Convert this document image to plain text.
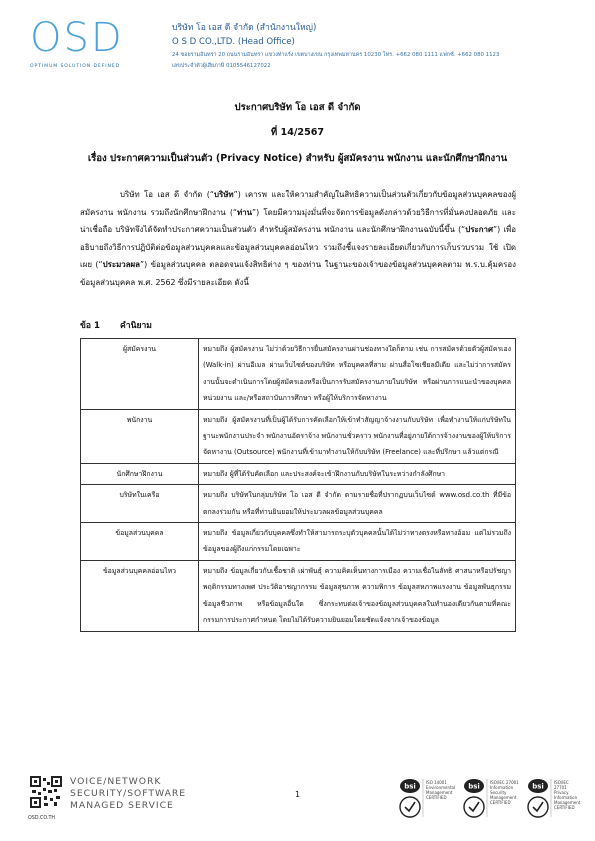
OSD
OPTIMUM SOLUTION DEFINED
บริษัท โอ เอส ดี จำกัด (สำนักงานใหญ่)
O S D CO.,LTD. (Head Office)
24 ซอยรามอินทรา 20 ถนนรามอินทรา แขวงท่าแร้ง เขตบางเขน กรุงเทพมหานคร 10230 โทร. +662 080 1111 แฟกซ์. +662 080 1123
เลขประจำตัวผู้เสียภาษี 0105546127022
ประกาศบริษัท โอ เอส ดี จำกัด
ที่ 14/2567
เรื่อง ประกาศความเป็นส่วนตัว (Privacy Notice) สำหรับ ผู้สมัครงาน พนักงาน และนักศึกษาฝึกงาน

บริษัท โอ เอส ดี จำกัด (“บริษัท”) เคารพ และให้ความสำคัญในสิทธิความเป็นส่วนตัวเกี่ยวกับข้อมูลส่วนบุคคลของผู้สมัครงาน พนักงาน รวมถึงนักศึกษาฝึกงาน (“ท่าน”) โดยมีความมุ่งมั่นที่จะจัดการข้อมูลดังกล่าวด้วยวิธีการที่มั่นคงปลอดภัย และน่าเชื่อถือ บริษัทจึงได้จัดทำประกาศความเป็นส่วนตัว สำหรับผู้สมัครงาน พนักงาน และนักศึกษาฝึกงานฉบับนี้ขึ้น (“ประกาศ”) เพื่ออธิบายถึงวิธีการปฏิบัติต่อข้อมูลส่วนบุคคลและข้อมูลส่วนบุคคลอ่อนไหว รวมถึงชี้แจงรายละเอียดเกี่ยวกับการเก็บรวบรวม ใช้ เปิดเผย (“ประมวลผล”) ข้อมูลส่วนบุคคล ตลอดจนแจ้งสิทธิต่าง ๆ ของท่าน ในฐานะของเจ้าของข้อมูลส่วนบุคคลตาม พ.ร.บ.คุ้มครองข้อมูลส่วนบุคคล พ.ศ. 2562 ซึ่งมีรายละเอียด ดังนี้

ข้อ 1 คำนิยาม
ผู้สมัครงาน	หมายถึง ผู้สมัครงาน ไม่ว่าด้วยวิธีการยื่นสมัครงานผ่านช่องทางใดก็ตาม เช่น การสมัครด้วยตัวผู้สมัครเอง (Walk-in) ผ่านอีเมล ผ่านเว็บไซต์ของบริษัท หรือบุคคลที่สาม ผ่านสื่อโซเชียลมีเดีย และไม่ว่าการสมัครงานนั้นจะดำเนินการโดยผู้สมัครเองหรือเป็นการรับสมัครงานภายในบริษัท หรือผ่านการแนะนำของบุคคล หน่วยงาน และ/หรือสถาบันการศึกษา หรือผู้ให้บริการจัดหางาน
พนักงาน	หมายถึง ผู้สมัครงานที่เป็นผู้ได้รับการคัดเลือกให้เข้าทำสัญญาจ้างงานกับบริษัท เพื่อทำงานให้แก่บริษัทในฐานะพนักงานประจำ พนักงานอัตราจ้าง พนักงานชั่วคราว พนักงานที่อยู่ภายใต้การจ้างงานของผู้ให้บริการจัดหางาน (Outsource) พนักงานที่เข้ามาทำงานให้กับบริษัท (Freelance) และที่ปรึกษา แล้วแต่กรณี
นักศึกษาฝึกงาน	หมายถึง ผู้ที่ได้รับคัดเลือก และประสงค์จะเข้าฝึกงานกับบริษัทในระหว่างกำลังศึกษา
บริษัทในเครือ	หมายถึง บริษัทในกลุ่มบริษัท โอ เอส ดี จำกัด ตามรายชื่อที่ปรากฏบนเว็บไซต์ www.osd.co.th ที่มีข้อตกลงร่วมกัน หรือที่ท่านยินยอมให้ประมวลผลข้อมูลส่วนบุคคล
ข้อมูลส่วนบุคคล	หมายถึง ข้อมูลเกี่ยวกับบุคคลซึ่งทำให้สามารถระบุตัวบุคคลนั้นได้ไม่ว่าทางตรงหรือทางอ้อม แต่ไม่รวมถึงข้อมูลของผู้ถึงแก่กรรมโดยเฉพาะ
ข้อมูลส่วนบุคคลอ่อนไหว	หมายถึง ข้อมูลเกี่ยวกับเชื้อชาติ เผ่าพันธุ์ ความคิดเห็นทางการเมือง ความเชื่อในลัทธิ ศาสนาหรือปรัชญา พฤติกรรมทางเพศ ประวัติอาชญากรรม ข้อมูลสุขภาพ ความพิการ ข้อมูลสหภาพแรงงาน ข้อมูลพันธุกรรม ข้อมูลชีวภาพ หรือข้อมูลอื่นใด ซึ่งกระทบต่อเจ้าของข้อมูลส่วนบุคคลในทำนองเดียวกันตามที่คณะกรรมการประกาศกำหนด โดยไม่ได้รับความยินยอมโดยชัดแจ้งจากเจ้าของข้อมูล
OSD.CO.TH
VOICE/NETWORK
SECURITY/SOFTWARE
MANAGED SERVICE
1
bsi	ISO 14001 Environmental Management CERTIFIED
bsi	ISO/IEC 27001 Information Security Management CERTIFIED
bsi	ISO/IEC 27701 Privacy Information Management CERTIFIED
